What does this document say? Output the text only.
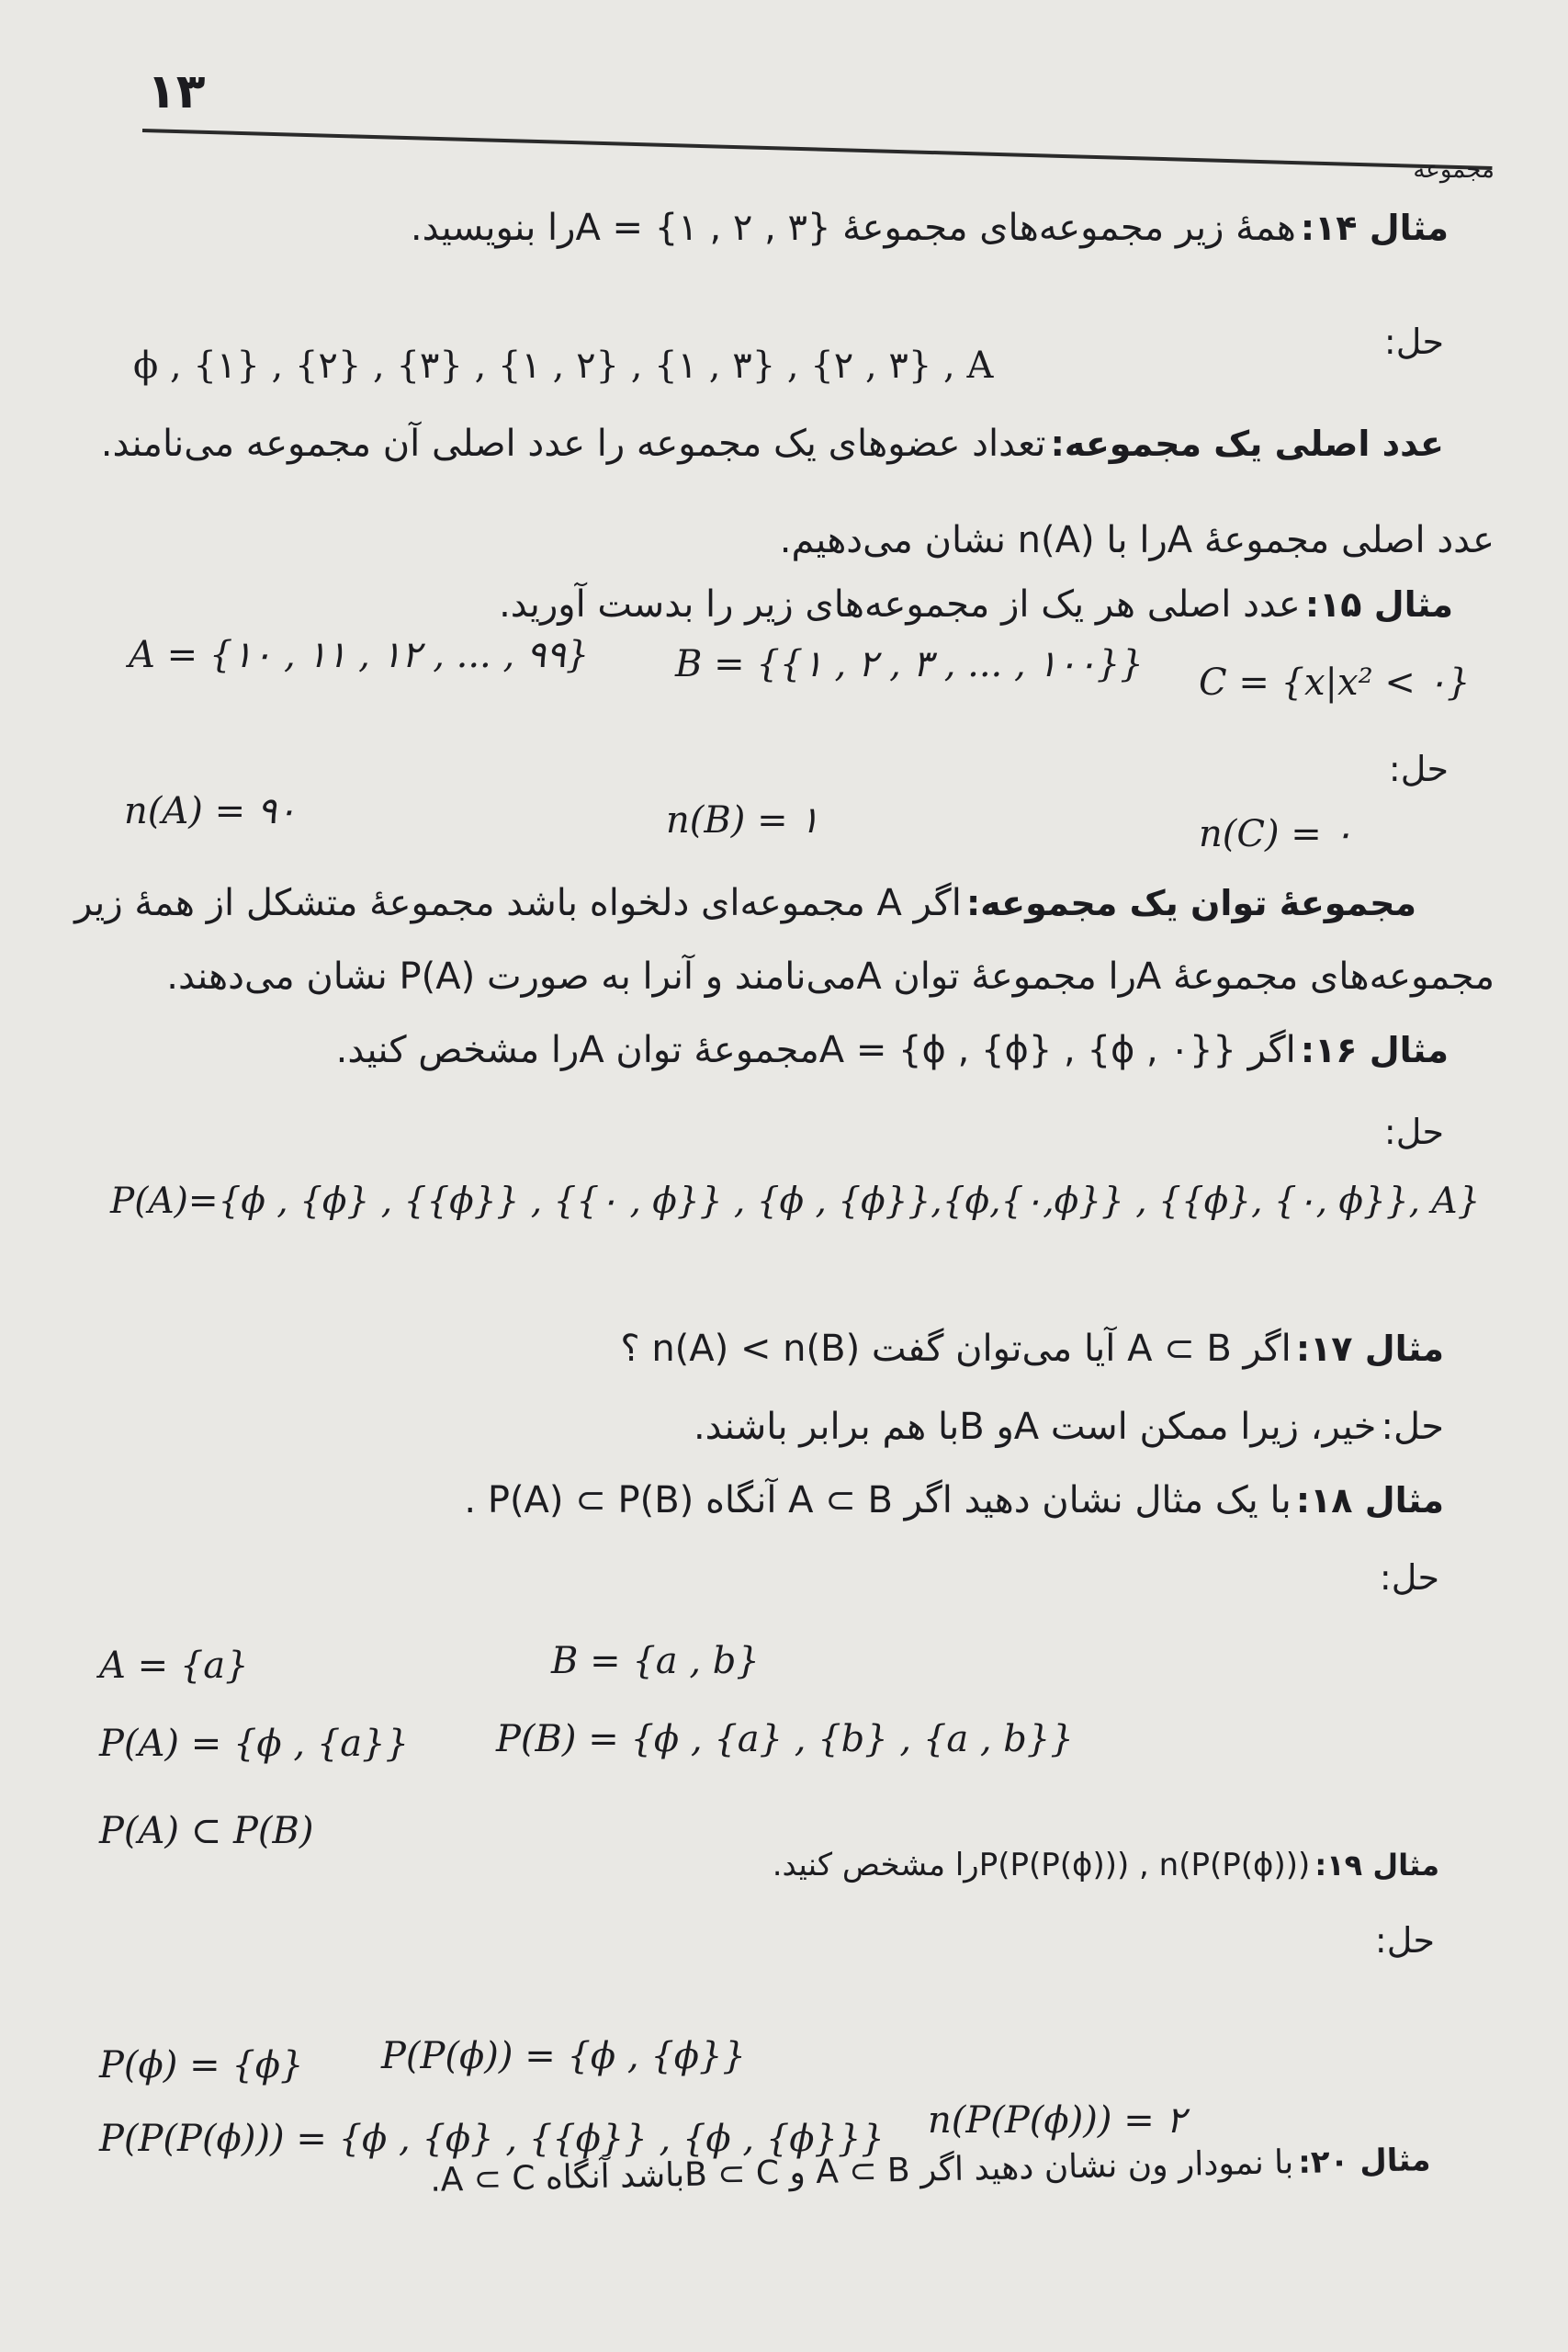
۱۳
مجموعه
مثال ۱۴: همهٔ زیر مجموعه‌های مجموعهٔ {۳ , ۲ , ۱} = Aرا بنویسید.
حل:
ϕ , {۱} , {۲} , {۳} , {۱ , ۲} , {۱ , ۳} , {۲ , ۳} , A
عدد اصلی یک مجموعه: تعداد عضوهای یک مجموعه را عدد اصلی آن مجموعه می‌نامند.
عدد اصلی مجموعهٔ Aرا با n(A) نشان می‌دهیم.
مثال ۱۵: عدد اصلی هر یک از مجموعه‌های زیر را بدست آورید.
A = {۱۰ , ۱۱ , ۱۲ , ... , ۹۹} B = {{۱ , ۲ , ۳ , ... , ۱۰۰}} C = {x|x² < ۰}
حل:
n(A) = ۹۰	n(B) = ۱	n(C) = ۰
مجموعهٔ توان یک مجموعه: اگر A مجموعه‌ای دلخواه باشد مجموعهٔ متشکل از همهٔ زیر
مجموعه‌های مجموعهٔ Aرا مجموعهٔ توان Aمی‌نامند و آنرا به صورت P(A) نشان می‌دهند.
مثال ۱۶: اگر {{ϕ , ۰} , {ϕ} , A = {ϕمجموعهٔ توان Aرا مشخص کنید.
حل:
P(A)={ϕ , {ϕ} , {{ϕ}} , {{۰ , ϕ}} , {ϕ , {ϕ}},{ϕ,{۰,ϕ}} , {{ϕ}, {۰, ϕ}}, A}
مثال ۱۷: اگر A ⊂ B آیا می‌توان گفت n(A) < n(B) ؟
حل: خیر، زیرا ممکن است Aو Bبا هم برابر باشند.
مثال ۱۸: با یک مثال نشان دهید اگر A ⊂ B آنگاه P(A) ⊂ P(B) .
حل:
A = {a}	B = {a , b}
P(A) = {ϕ , {a}} P(B) = {ϕ , {a} , {b} , {a , b}}
P(A) ⊂ P(B)
مثال ۱۹: P(P(P(ϕ))) , n(P(P(ϕ)))را مشخص کنید.
حل:
P(ϕ) = {ϕ} P(P(ϕ)) = {ϕ , {ϕ}}
P(P(P(ϕ))) = {ϕ , {ϕ} , {{ϕ}} , {ϕ , {ϕ}}} n(P(P(ϕ))) = ۲
مثال ۲۰: با نمودار ون نشان دهید اگر A ⊂ B و B ⊂ Cباشد آنگاه A ⊂ C.
